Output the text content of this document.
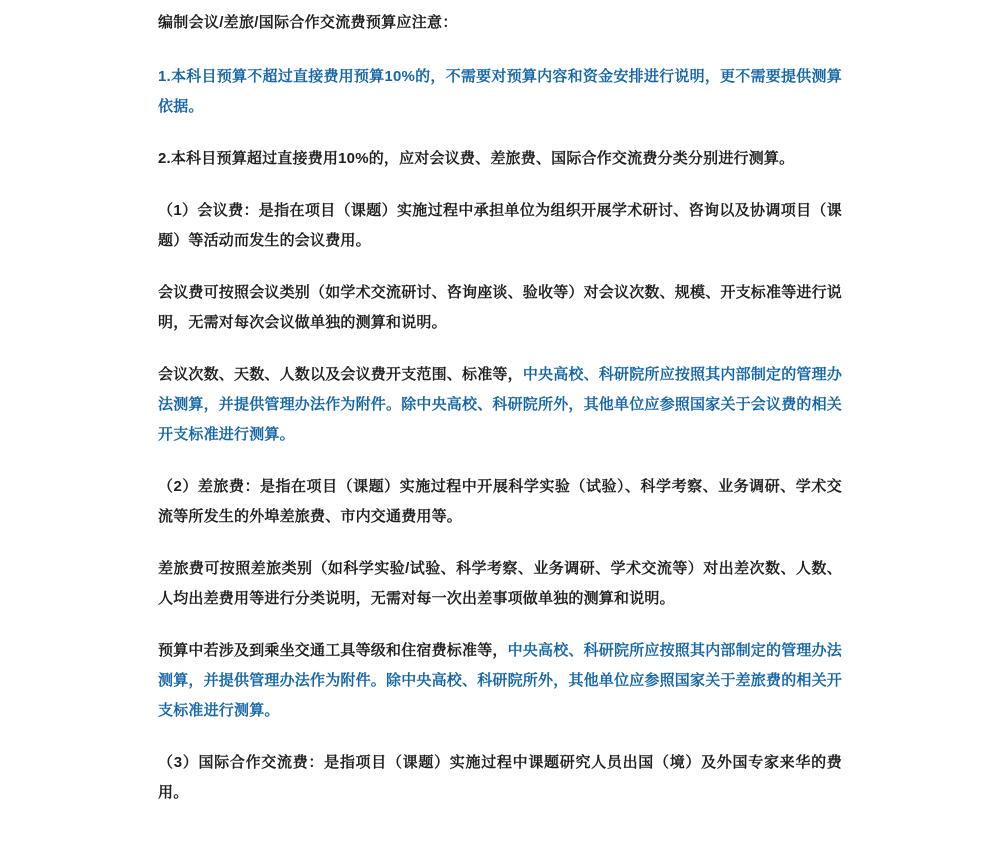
编制会议/差旅/国际合作交流费预算应注意：

1.本科目预算不超过直接费用预算10%的，不需要对预算内容和资金安排进行说明，更不需要提供测算依据。

2.本科目预算超过直接费用10%的，应对会议费、差旅费、国际合作交流费分类分别进行测算。

（1）会议费：是指在项目（课题）实施过程中承担单位为组织开展学术研讨、咨询以及协调项目（课题）等活动而发生的会议费用。

会议费可按照会议类别（如学术交流研讨、咨询座谈、验收等）对会议次数、规模、开支标准等进行说明，无需对每次会议做单独的测算和说明。

会议次数、天数、人数以及会议费开支范围、标准等，中央高校、科研院所应按照其内部制定的管理办法测算，并提供管理办法作为附件。除中央高校、科研院所外，其他单位应参照国家关于会议费的相关开支标准进行测算。

（2）差旅费：是指在项目（课题）实施过程中开展科学实验（试验）、科学考察、业务调研、学术交流等所发生的外埠差旅费、市内交通费用等。

差旅费可按照差旅类别（如科学实验/试验、科学考察、业务调研、学术交流等）对出差次数、人数、人均出差费用等进行分类说明，无需对每一次出差事项做单独的测算和说明。

预算中若涉及到乘坐交通工具等级和住宿费标准等，中央高校、科研院所应按照其内部制定的管理办法测算，并提供管理办法作为附件。除中央高校、科研院所外，其他单位应参照国家关于差旅费的相关开支标准进行测算。

（3）国际合作交流费：是指项目（课题）实施过程中课题研究人员出国（境）及外国专家来华的费用。
